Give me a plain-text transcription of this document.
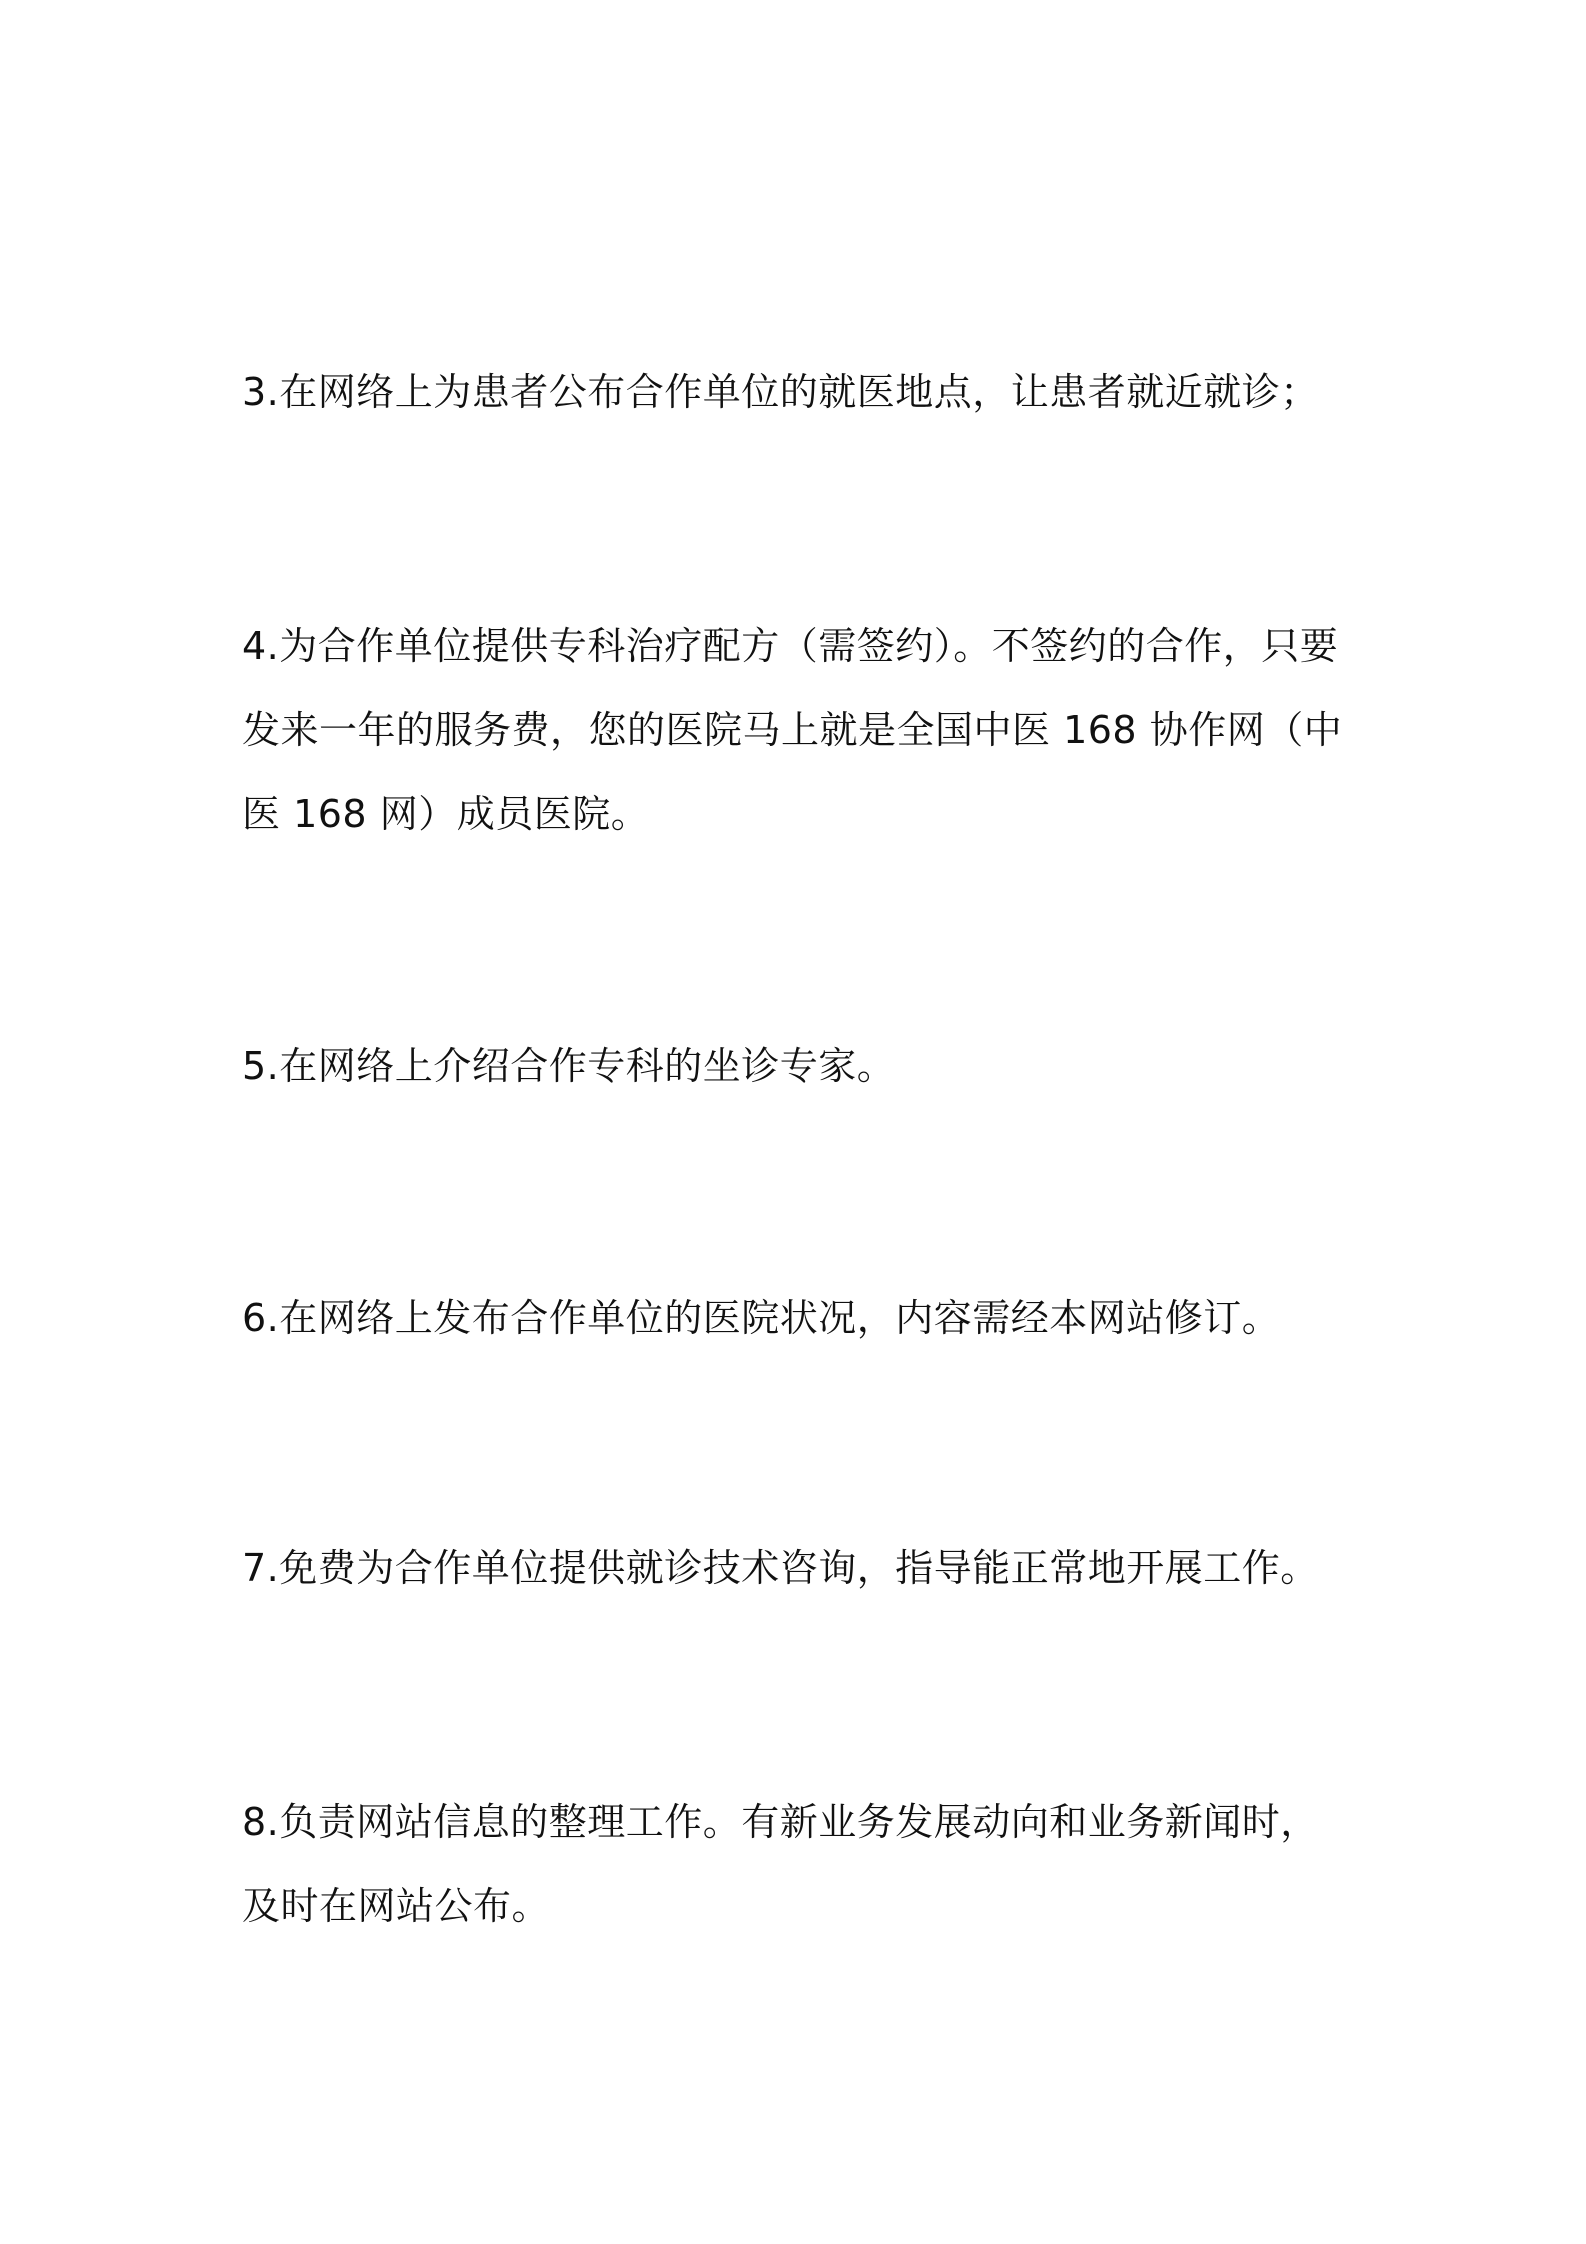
3.在网络上为患者公布合作单位的就医地点，让患者就近就诊；

4.为合作单位提供专科治疗配方（需签约）。不签约的合作，只要发来一年的服务费，您的医院马上就是全国中医 168 协作网（中医 168 网）成员医院。

5.在网络上介绍合作专科的坐诊专家。

6.在网络上发布合作单位的医院状况，内容需经本网站修订。

7.免费为合作单位提供就诊技术咨询，指导能正常地开展工作。

8.负责网站信息的整理工作。有新业务发展动向和业务新闻时，及时在网站公布。
